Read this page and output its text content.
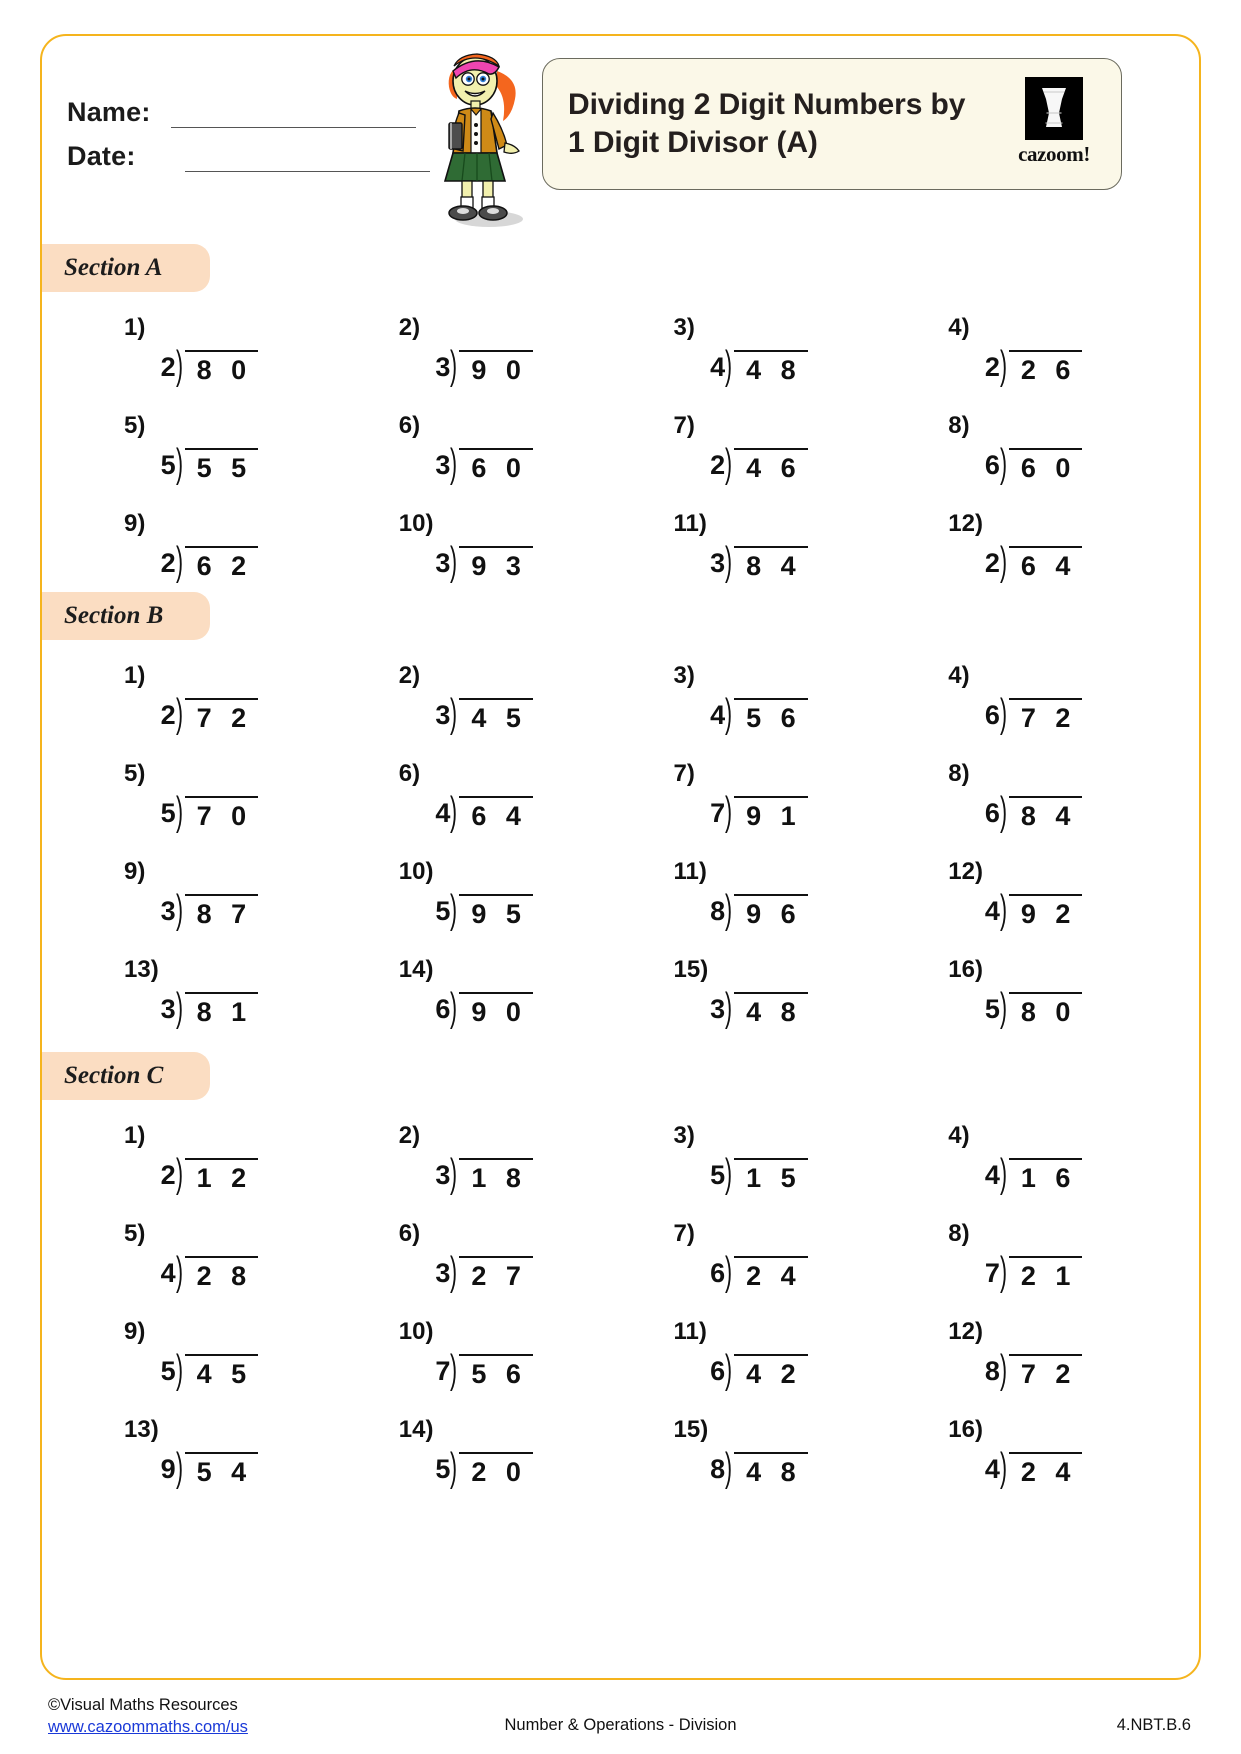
Name:
Date:
Dividing 2 Digit Numbers by 1 Digit Divisor (A)	cazoom!
Section A
1)
2 ) 8 0
2)
3 ) 9 0
3)
4 ) 4 8
4)
2 ) 2 6
5)
5 ) 5 5
6)
3 ) 6 0
7)
2 ) 4 6
8)
6 ) 6 0
9)
2 ) 6 2
10)
3 ) 9 3
11)
3 ) 8 4
12)
2 ) 6 4
Section B
1)
2 ) 7 2
2)
3 ) 4 5
3)
4 ) 5 6
4)
6 ) 7 2
5)
5 ) 7 0
6)
4 ) 6 4
7)
7 ) 9 1
8)
6 ) 8 4
9)
3 ) 8 7
10)
5 ) 9 5
11)
8 ) 9 6
12)
4 ) 9 2
13)
3 ) 8 1
14)
6 ) 9 0
15)
3 ) 4 8
16)
5 ) 8 0
Section C
1)
2 ) 1 2
2)
3 ) 1 8
3)
5 ) 1 5
4)
4 ) 1 6
5)
4 ) 2 8
6)
3 ) 2 7
7)
6 ) 2 4
8)
7 ) 2 1
9)
5 ) 4 5
10)
7 ) 5 6
11)
6 ) 4 2
12)
8 ) 7 2
13)
9 ) 5 4
14)
5 ) 2 0
15)
8 ) 4 8
16)
4 ) 2 4
©Visual Maths Resources
www.cazoommaths.com/us	Number & Operations - Division	4.NBT.B.6
